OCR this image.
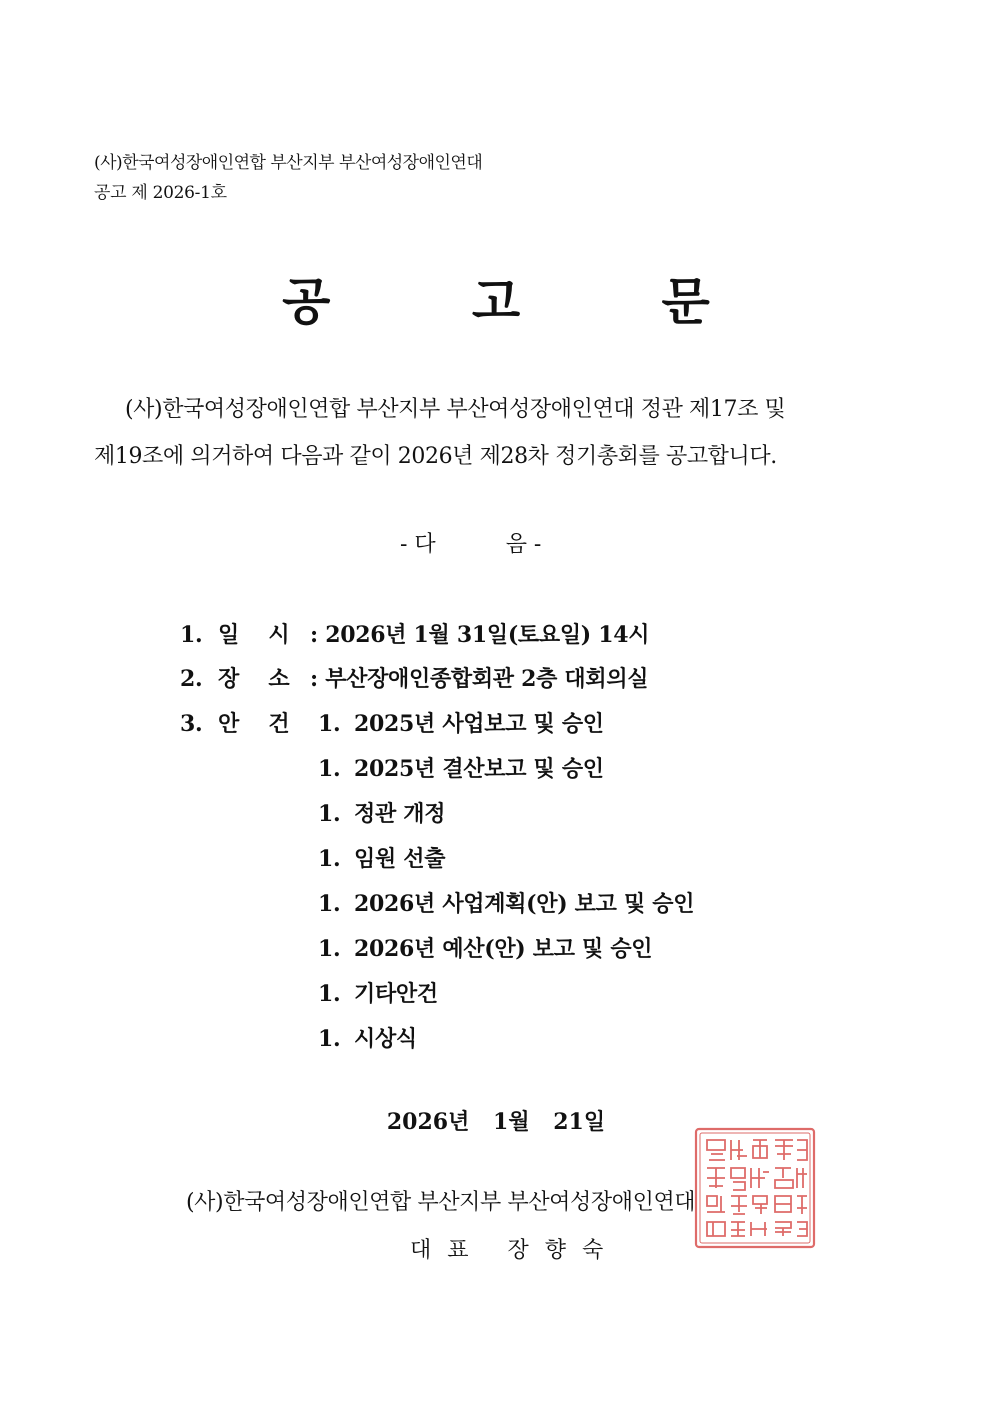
(사)한국여성장애인연합 부산지부 부산여성장애인연대
공고 제 2026-1호
공 고 문
(사)한국여성장애인연합 부산지부 부산여성장애인연대 정관 제17조 및
제19조에 의거하여 다음과 같이 2026년 제28차 정기총회를 공고합니다.
- 다	음 -
1. 일    시 : 2026년 1월 31일(토요일) 14시
2. 장    소 : 부산장애인종합회관 2층 대회의실
3. 안    건	1. 2025년 사업보고 및 승인
1. 2025년 결산보고 및 승인
1. 정관 개정
1. 임원 선출
1. 2026년 사업계획(안) 보고 및 승인
1. 2026년 예산(안) 보고 및 승인
1. 기타안건
1. 시상식
2026년 1월 21일
(사)한국여성장애인연합 부산지부 부산여성장애인연대
대표 장향숙
